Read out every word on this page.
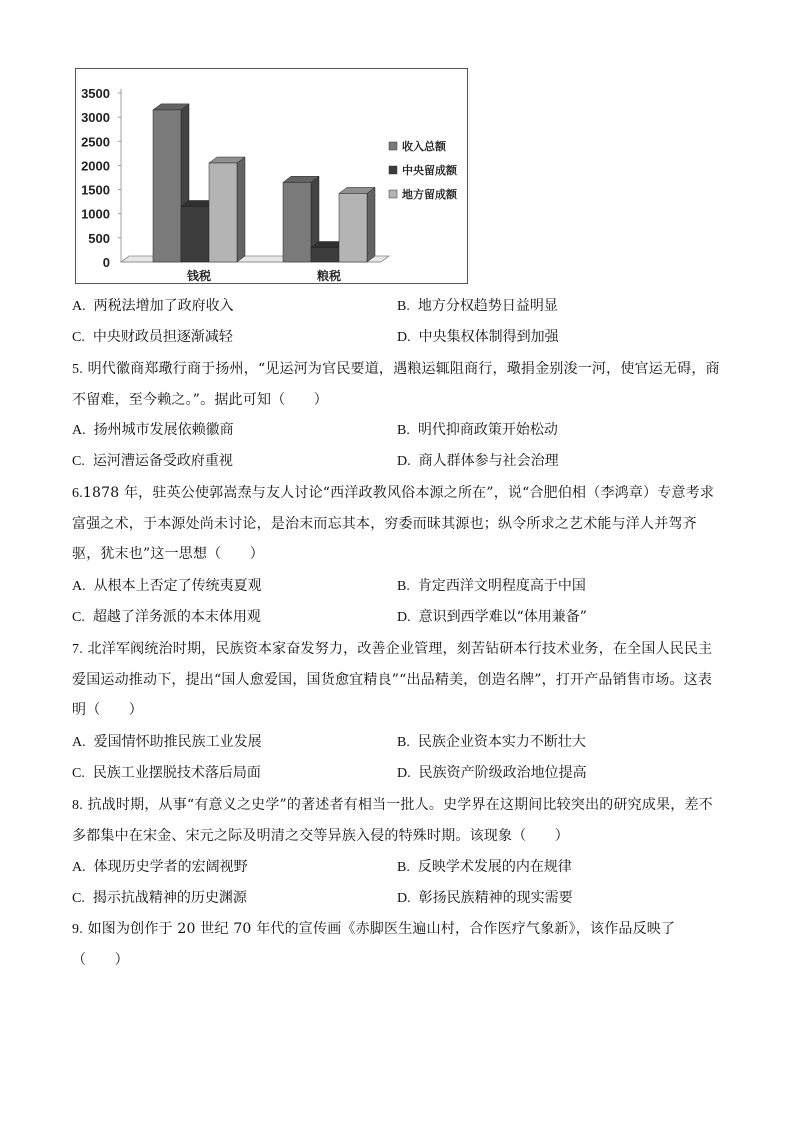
3500
3000
2500
2000
1500
1000
500
0
钱税	粮税
收入总额
中央留成额
地方留成额
A. 两税法增加了政府收入	B. 地方分权趋势日益明显
C. 中央财政员担逐渐减轻	D. 中央集权体制得到加强
5. 明代徽商郑璥行商于扬州，“见运河为官民要道，遇粮运辄阻商行，璥捐金别浚一河，使官运无碍，商不留难，至今赖之。”。据此可知（　　）
A. 扬州城市发展依赖徽商	B. 明代抑商政策开始松动
C. 运河漕运备受政府重视	D. 商人群体参与社会治理
6.1878 年，驻英公使郭嵩焘与友人讨论“西洋政教风俗本源之所在”，说“合肥伯相（李鸿章）专意考求富强之术，于本源处尚未讨论，是治末而忘其本，穷委而昧其源也；纵令所求之艺术能与洋人并驾齐驱，犹末也”这一思想（　　）
A. 从根本上否定了传统夷夏观	B. 肯定西洋文明程度高于中国
C. 超越了洋务派的本末体用观	D. 意识到西学难以“体用兼备”
7. 北洋军阀统治时期，民族资本家奋发努力，改善企业管理，刻苦钻研本行技术业务，在全国人民民主爱国运动推动下，提出“国人愈爱国，国货愈宜精良”“出品精美，创造名牌”，打开产品销售市场。这表明（　　）
A. 爱国情怀助推民族工业发展	B. 民族企业资本实力不断壮大
C. 民族工业摆脱技术落后局面	D. 民族资产阶级政治地位提高
8. 抗战时期，从事“有意义之史学”的著述者有相当一批人。史学界在这期间比较突出的研究成果，差不多都集中在宋金、宋元之际及明清之交等异族入侵的特殊时期。该现象（　　）
A. 体现历史学者的宏阔视野	B. 反映学术发展的内在规律
C. 揭示抗战精神的历史渊源	D. 彰扬民族精神的现实需要
9. 如图为创作于 20 世纪 70 年代的宣传画《赤脚医生遍山村，合作医疗气象新》，该作品反映了（　　）
